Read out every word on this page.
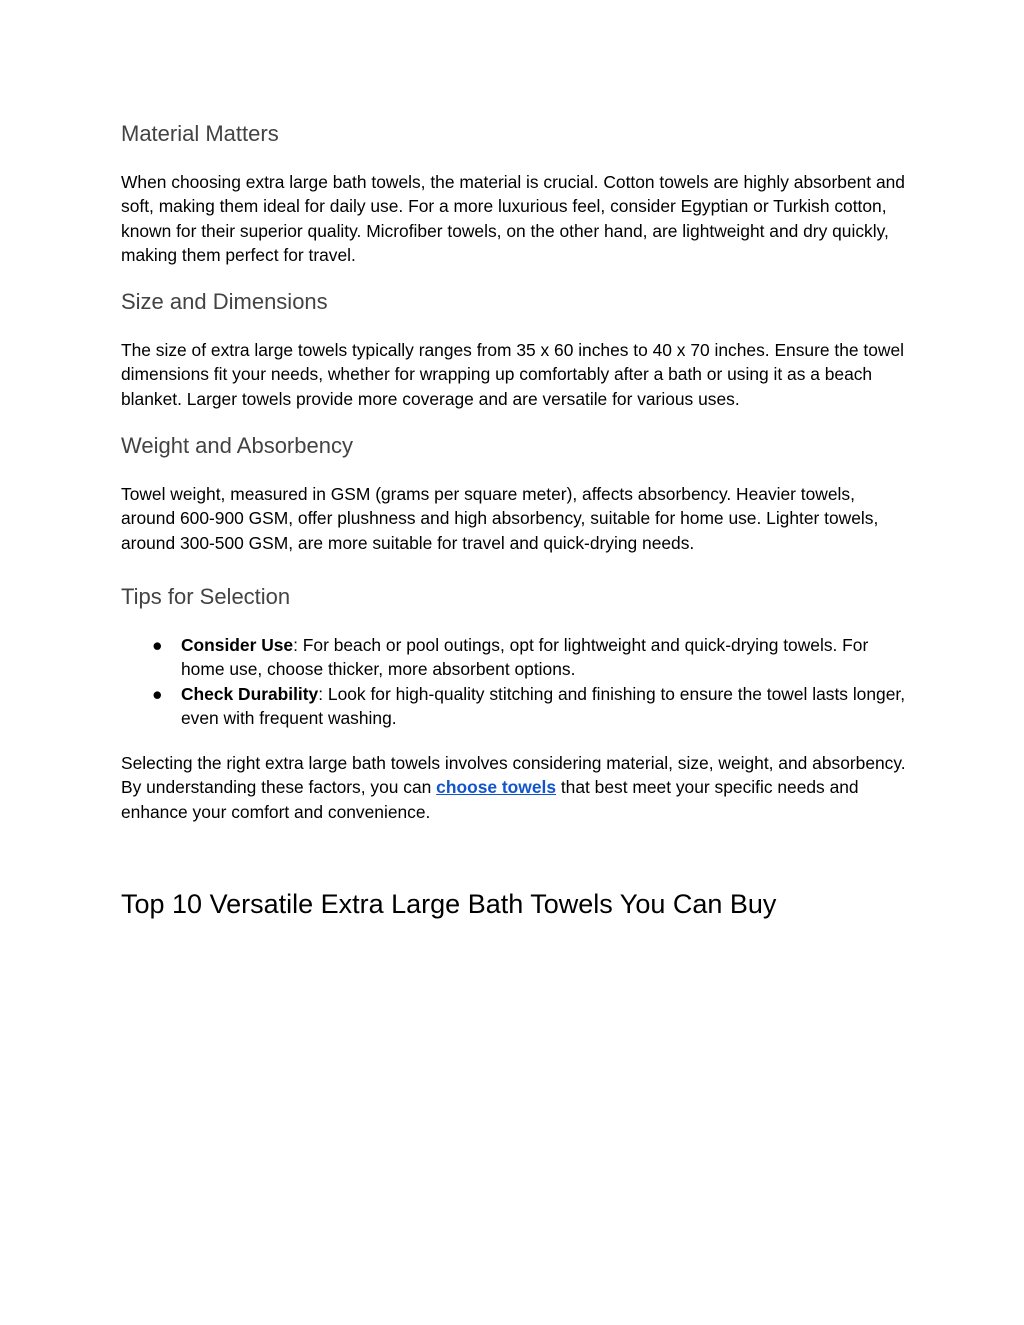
Material Matters

When choosing extra large bath towels, the material is crucial. Cotton towels are highly absorbent and soft, making them ideal for daily use. For a more luxurious feel, consider Egyptian or Turkish cotton, known for their superior quality. Microfiber towels, on the other hand, are lightweight and dry quickly, making them perfect for travel.

Size and Dimensions

The size of extra large towels typically ranges from 35 x 60 inches to 40 x 70 inches. Ensure the towel dimensions fit your needs, whether for wrapping up comfortably after a bath or using it as a beach blanket. Larger towels provide more coverage and are versatile for various uses.

Weight and Absorbency

Towel weight, measured in GSM (grams per square meter), affects absorbency. Heavier towels, around 600-900 GSM, offer plushness and high absorbency, suitable for home use. Lighter towels, around 300-500 GSM, are more suitable for travel and quick-drying needs.

Tips for Selection
● Consider Use: For beach or pool outings, opt for lightweight and quick-drying towels. For home use, choose thicker, more absorbent options.
● Check Durability: Look for high-quality stitching and finishing to ensure the towel lasts longer, even with frequent washing.

Selecting the right extra large bath towels involves considering material, size, weight, and absorbency. By understanding these factors, you can choose towels that best meet your specific needs and enhance your comfort and convenience.

Top 10 Versatile Extra Large Bath Towels You Can Buy
